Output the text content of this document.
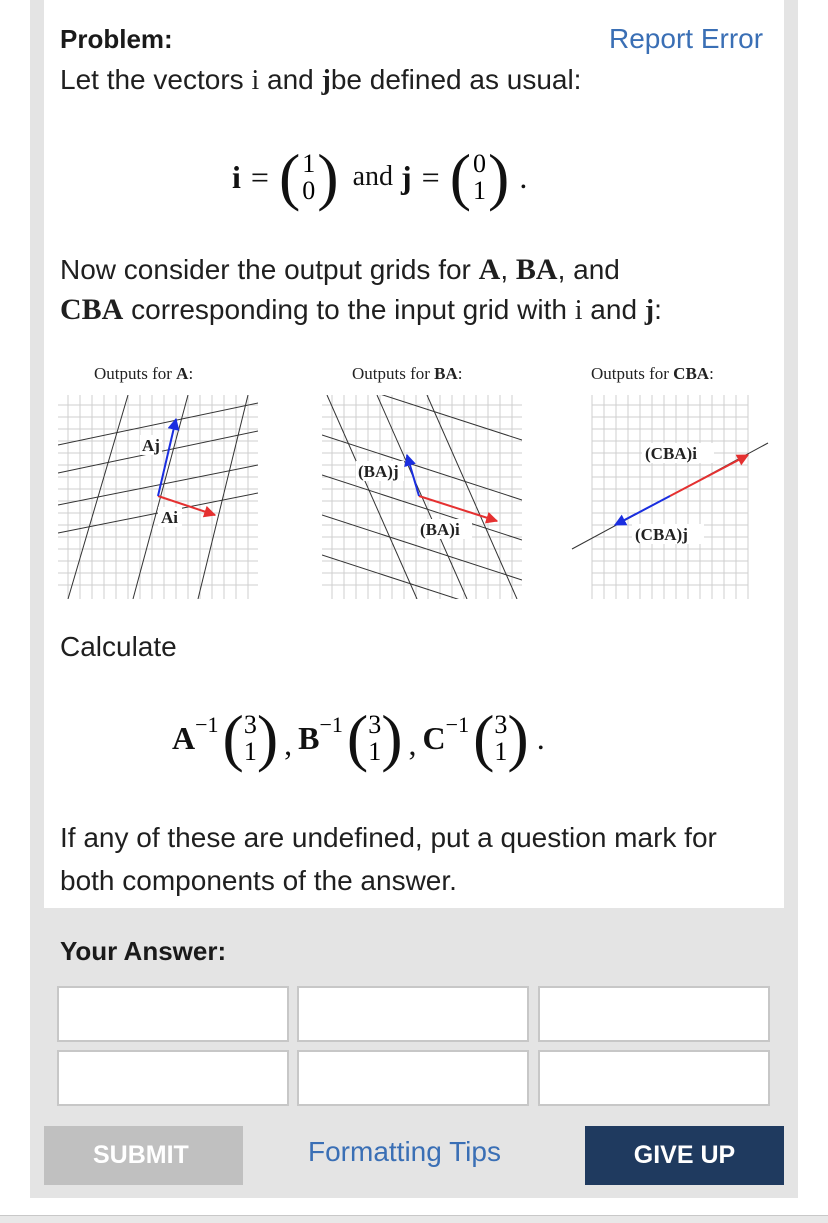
Problem:	Report Error
Let the vectors i and jbe defined as usual:
i = ( 1
0 ) and j = ( 0
1 ) .
Now consider the output grids for A, BA, and
CBA corresponding to the input grid with i and j:
Outputs for A:	Outputs for BA:	Outputs for CBA:
Aj
Ai
(BA)j
(BA)i
(CBA)i
(CBA)j
Calculate
A −1 ( 3
1 ) , B −1 ( 3
1 ) , C −1 ( 3
1 ) .
If any of these are undefined, put a question mark for both components of the answer.
Your Answer:
SUBMIT	Formatting Tips	GIVE UP
